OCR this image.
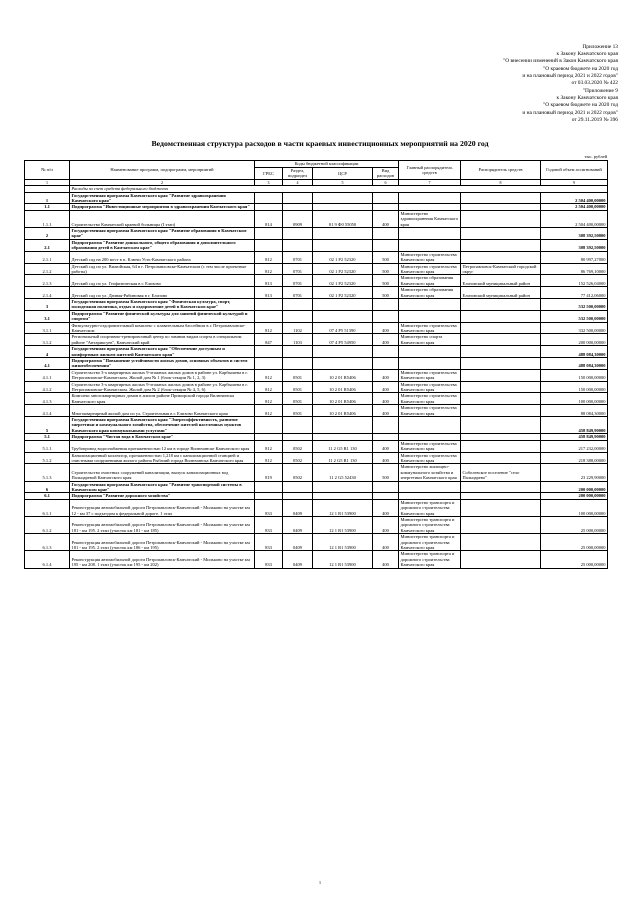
Приложение 13
к Закону Камчатского края
"О внесении изменений в Закон Камчатского края
"О краевом бюджете на 2020 год
и на плановый период 2021 и 2022 годов"
от 03.03.2020 № 422
"Приложение 9
к Закону Камчатского края
"О краевом бюджете на 2020 год
и на плановый период 2021 и 2022 годов"
от 29.11.2019 № 396
Ведомственная структура расходов в части краевых инвестиционных мероприятий на 2020 год
тыс. рублей
№ п/п	Наименование программ, подпрограмм, мероприятий	Коды бюджетной классификации				Главный распорядитель средств	Распорядитель средств	Годовой объем ассигнований
		ГРБС	Раздел, подраздел	ЦСР	Вид расходов			
1	2	3	4	5	6	7	8	9
	Расходы за счет средств федерального бюджета							
1	Государственная программа Камчатского края "Развитие здравоохранения Камчатского края"							2 504 400,00000
1.1	Подпрограмма "Инвестиционные мероприятия в здравоохранении Камчатского края"							2 504 400,00000
1.1.1	Строительство Камчатской краевой больницы (I этап)	814	0909	01 9 Ф0 55050	400	Министерство здравоохранения Камчатского края		2 504 400,00000
2	Государственная программа Камчатского края "Развитие образования в Камчатском крае"							308 392,50000
2.1	Подпрограмма "Развитие дошкольного, общего образования и дополнительного образования детей в Камчатском крае"							308 392,50000
2.1.1	Детский сад на 200 мест в п. Ключи Усть-Камчатского района	812	0701	02 1 Р2 52320	500	Министерство строительства Камчатского края		80 997,27000
2.1.2	Детский сад по ул. Вилюйская, 64 в г. Петропавловске-Камчатском (с тем числе проектные работы)	812	0701	02 1 Р2 52320	500	Министерство строительства Камчатского края	Петропавловск-Камчатский городской округ	86 769,10000
2.1.3	Детский сад по ул. Геофизическая в г. Елизово	813	0701	02 1 Р2 52320	500	Министерство образования Камчатского края	Елизовский муниципальный район	152 526,04000
2.1.4	Детский сад по ул. Дачная-Рябиновая в г. Елизово	813	0701	02 1 Р2 52320	500	Министерство образования Камчатского края	Елизовский муниципальный район	77 412,06000
3	Государственная программа Камчатского края "Физическая культура, спорт, молодежная политика, отдых и оздоровление детей в Камчатском крае"							532 500,00000
3.1	Подпрограмма "Развитие физической культуры для занятий физической культурой и спортом"							532 500,00000
3.1.1	Физкультурно-оздоровительный комплекс с плавательным бассейном в г. Петропавловске-Камчатском	812	1102	07 4 Р5 51390	400	Министерство строительства Камчатского края		332 500,00000
3.1.2	Региональный спортивно-тренировочный центр по зимним видам спорта в специальном районе "Антариксуев", Камчатский край	847	1103	07 4 Р5 54950	400	Министерство спорта Камчатского края		200 000,00000
4	Государственная программа Камчатского края "Обеспечение доступным и комфортным жильем жителей Камчатского края"							488 084,30000
4.1	Подпрограмма "Повышение устойчивости жилых домов, основных объектов и систем жизнеобеспечения"							488 084,30000
4.1.1	Строительство 3-х квартирных жилых 9-этажных жилых домов в районе ул. Карбышева в г. Петропавловске-Камчатском. Жилой дом № 1 (блок-секции № 1, 2, 3)	812	0501	10 2 01 R5406	400	Министерство строительства Камчатского края		150 000,00000
4.1.2	Строительство 3-х квартирных жилых 9-этажных жилых домов в районе ул. Карбышева в г. Петропавловске-Камчатском. Жилой дом № 2 (блок-секции № 4, 5, 6)	812	0501	10 2 01 R5406	400	Министерство строительства Камчатского края		150 000,00000
4.1.3	Комплекс многоквартирных домов в жилом районе Приморский города Вилючинска Камчатского края	812	0501	10 2 01 R5406	400	Министерство строительства Камчатского края		100 000,00000
4.1.4	Многоквартирный жилой дом по ул. Строительная в г. Елизово Камчатского края	812	0501	10 2 01 R5406	400	Министерство строительства Камчатского края		88 084,30000
5	Государственная программа Камчатского края "Энергоэффективность, развитие энергетики и коммунального хозяйства, обеспечение жителей населенных пунктов Камчатского края коммунальными услугами"							458 849,90000
5.1	Подпрограмма "Чистая вода в Камчатском крае"							458 849,90000
5.1.1	Трубопровод водоснабжения протяженностью 12 км в городе Вилючинске Камчатского края	812	0502	11 2 G5 R1 130	400	Министерство строительства Камчатского края		217 232,00000
5.1.2	Канализационный коллектор, протяженностью 1,218 км с канализационной станцией и очистными сооружениями жилого района Рыбачий города Вилючинска Камчатского края	812	0502	11 2 G5 R1 130	400	Министерство строительства Камчатского края		218 388,00000
5.1.3	Строительство очистных сооружений канализации, выпуск канализационных вод Пальцаревой Камчатского края	819	0502	11 2 G5 52430	500	Министерство жилищно-коммунального хозяйства и энергетики Камчатского края	Соболевское поселение "село Пальцарево"	23 229,90000
6	Государственная программа Камчатского края "Развитие транспортной системы в Камчатском крае"							200 000,00000
6.1	Подпрограмма "Развитие дорожного хозяйства"							200 000,00000
6.1.1	Реконструкция автомобильной дороги Петропавловск-Камчатский - Мильково на участке км 12 - км 37 с подъездом к федеральной дороге. 1 этап	833	0409	12 1 R1 53900	400	Министерство транспорта и дорожного строительства Камчатского края		100 000,00000
6.1.2	Реконструкция автомобильной дороги Петропавловск-Камчатский - Мильково на участке км 181 - км 195. 2 этап (участок км 181 - км 185)	833	0409	12 1 R1 53900	400	Министерство транспорта и дорожного строительства Камчатского края		25 000,00000
6.1.3	Реконструкция автомобильной дороги Петропавловск-Камчатский - Мильково на участке км 181 - км 195. 2 этап (участок км 186 - км 195)	833	0409	12 1 R1 53900	400	Министерство транспорта и дорожного строительства Камчатского края		25 000,00000
6.1.4	Реконструкция автомобильной дороги Петропавловск-Камчатский - Мильково на участке км 195 - км 208. 1 этап (участок км 195 - км 202)	833	0409	12 1 R1 53900	400	Министерство транспорта и дорожного строительства Камчатского края		25 000,00000
1
